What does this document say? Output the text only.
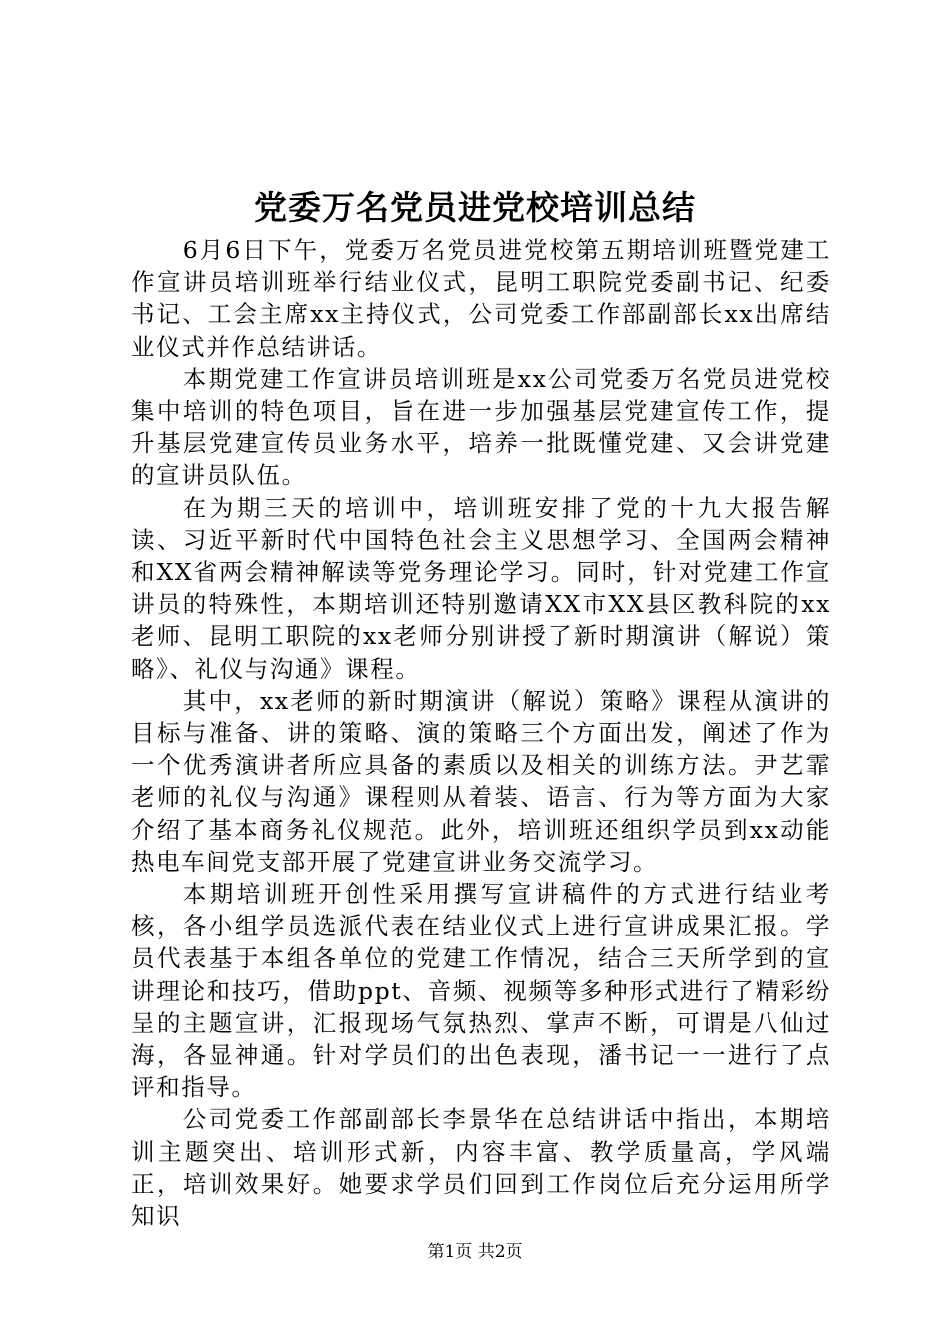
党委万名党员进党校培训总结

6月6日下午，党委万名党员进党校第五期培训班暨党建工作宣讲员培训班举行结业仪式，昆明工职院党委副书记、纪委书记、工会主席xx主持仪式，公司党委工作部副部长xx出席结业仪式并作总结讲话。

本期党建工作宣讲员培训班是xx公司党委万名党员进党校集中培训的特色项目，旨在进一步加强基层党建宣传工作，提升基层党建宣传员业务水平，培养一批既懂党建、又会讲党建的宣讲员队伍。

在为期三天的培训中，培训班安排了党的十九大报告解读、习近平新时代中国特色社会主义思想学习、全国两会精神和XX省两会精神解读等党务理论学习。同时，针对党建工作宣讲员的特殊性，本期培训还特别邀请XX市XX县区教科院的xx老师、昆明工职院的xx老师分别讲授了新时期演讲（解说）策略》、礼仪与沟通》课程。

其中，xx老师的新时期演讲（解说）策略》课程从演讲的目标与准备、讲的策略、演的策略三个方面出发，阐述了作为一个优秀演讲者所应具备的素质以及相关的训练方法。尹艺霏老师的礼仪与沟通》课程则从着装、语言、行为等方面为大家介绍了基本商务礼仪规范。此外，培训班还组织学员到xx动能热电车间党支部开展了党建宣讲业务交流学习。

本期培训班开创性采用撰写宣讲稿件的方式进行结业考核，各小组学员选派代表在结业仪式上进行宣讲成果汇报。学员代表基于本组各单位的党建工作情况，结合三天所学到的宣讲理论和技巧，借助ppt、音频、视频等多种形式进行了精彩纷呈的主题宣讲，汇报现场气氛热烈、掌声不断，可谓是八仙过海，各显神通。针对学员们的出色表现，潘书记一一进行了点评和指导。

公司党委工作部副部长李景华在总结讲话中指出，本期培训主题突出、培训形式新，内容丰富、教学质量高，学风端正，培训效果好。她要求学员们回到工作岗位后充分运用所学知识

第1页 共2页
